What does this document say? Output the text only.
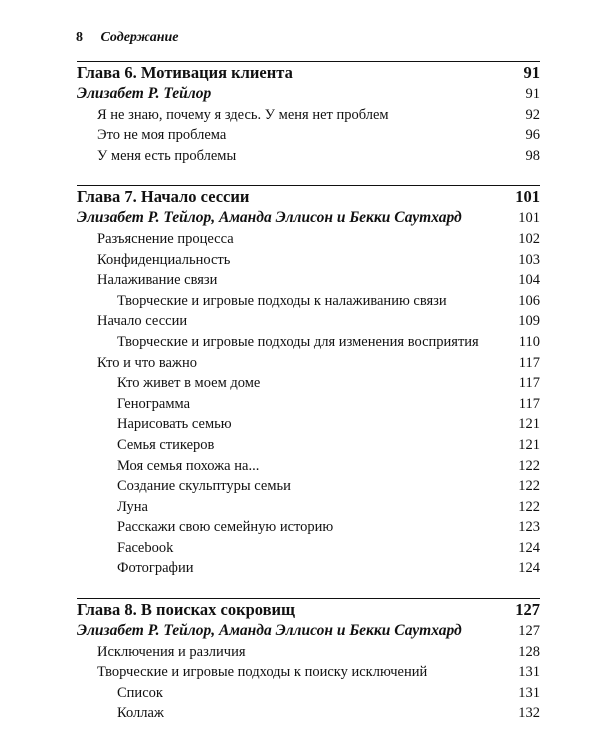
8 Содержание
Глава 6. Мотивация клиента	91
Элизабет Р. Тейлор	91
Я не знаю, почему я здесь. У меня нет проблем	92
Это не моя проблема	96
У меня есть проблемы	98
Глава 7. Начало сессии	101
Элизабет Р. Тейлор, Аманда Эллисон и Бекки Саутхард	101
Разъяснение процесса	102
Конфиденциальность	103
Налаживание связи	104
Творческие и игровые подходы к налаживанию связи	106
Начало сессии	109
Творческие и игровые подходы для изменения восприятия	110
Кто и что важно	117
Кто живет в моем доме	117
Генограмма	117
Нарисовать семью	121
Семья стикеров	121
Моя семья похожа на...	122
Создание скульптуры семьи	122
Луна	122
Расскажи свою семейную историю	123
Facebook	124
Фотографии	124
Глава 8. В поисках сокровищ	127
Элизабет Р. Тейлор, Аманда Эллисон и Бекки Саутхард	127
Исключения и различия	128
Творческие и игровые подходы к поиску исключений	131
Список	131
Коллаж	132
